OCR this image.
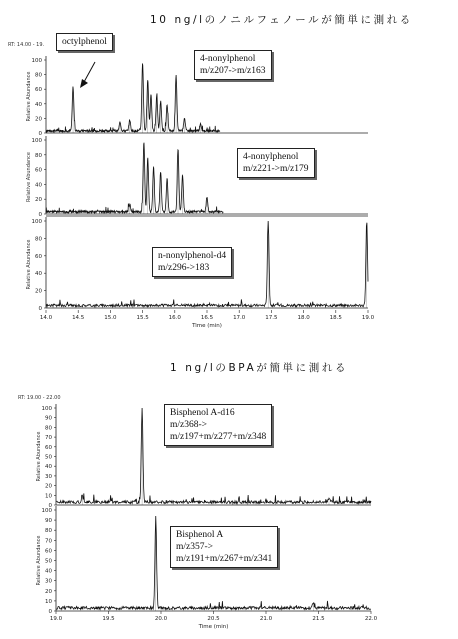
10 ng/lのノニルフェノールが簡単に測れる
1 ng/lのBPAが簡単に測れる
RT: 14.00 - 19.
0
20
40
60
80
100
Relative Abundance
0
20
40
60
80
100
Relative Abundance
0
20
40
60
80
100
Relative Abundance
14.0	14.5	15.0	15.5	16.0	16.5	17.0	17.5	18.0	18.5	19.0
Time (min)
RT: 19.00 - 22.00
0
10
20
30
40
50
60
70
80
90
100
Relative Abundance
0
10
20
30
40
50
60
70
80
90
100
Relative Abundance
19.0	19.5	20.0	20.5	21.0	21.5	22.0
Time (min)
octylphenol
4-nonylphenol
m/z207->m/z163
4-nonylphenol
m/z221->m/z179
n-nonylphenol-d4
m/z296->183
Bisphenol A-d16
m/z368->
m/z197+m/z277+m/z348
Bisphenol A
m/z357->
m/z191+m/z267+m/z341
